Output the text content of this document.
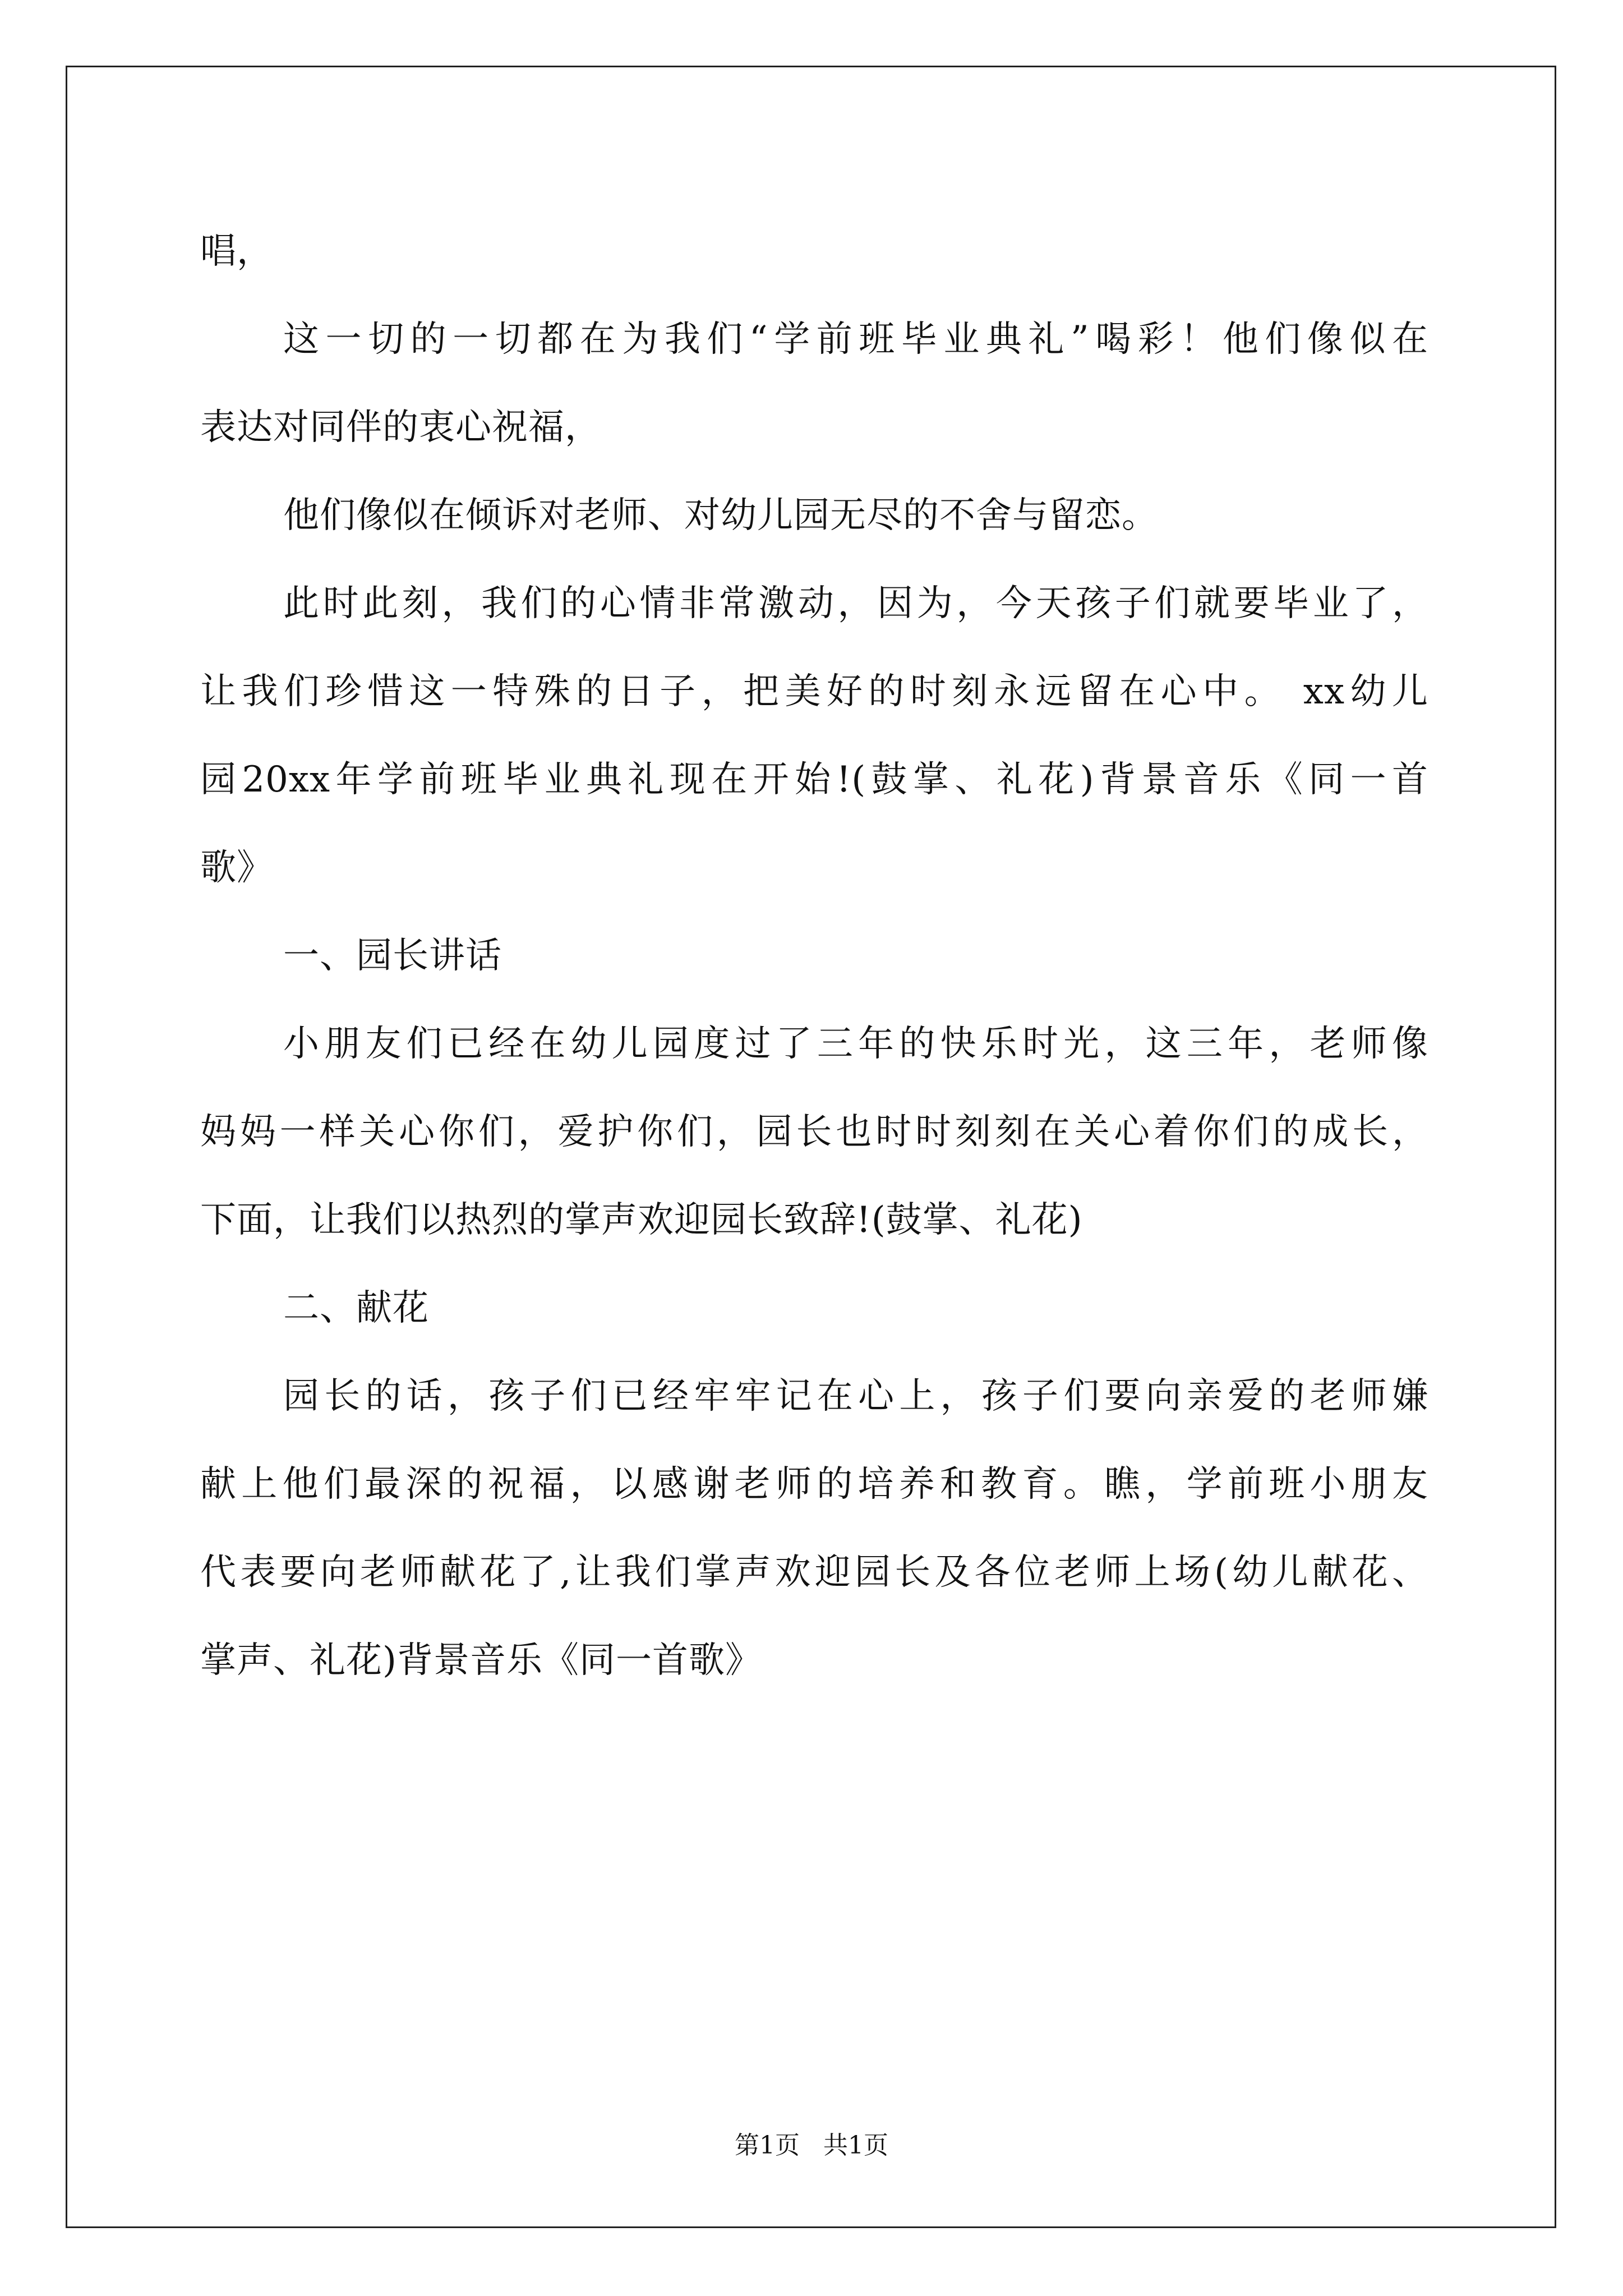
唱，
这一切的一切都在为我们“学前班毕业典礼”喝彩！他们像似在
表达对同伴的衷心祝福，
他们像似在倾诉对老师、对幼儿园无尽的不舍与留恋。
此时此刻，我们的心情非常激动，因为，今天孩子们就要毕业了，
让我们珍惜这一特殊的日子，把美好的时刻永远留在心中。 xx幼儿
园20xx年学前班毕业典礼现在开始!(鼓掌、礼花)背景音乐《同一首
歌》
一、园长讲话
小朋友们已经在幼儿园度过了三年的快乐时光，这三年，老师像
妈妈一样关心你们，爱护你们，园长也时时刻刻在关心着你们的成长，
下面，让我们以热烈的掌声欢迎园长致辞!(鼓掌、礼花)
二、献花
园长的话，孩子们已经牢牢记在心上，孩子们要向亲爱的老师嫌
献上他们最深的祝福，以感谢老师的培养和教育。瞧，学前班小朋友
代表要向老师献花了,让我们掌声欢迎园长及各位老师上场(幼儿献花、
掌声、礼花)背景音乐《同一首歌》
第1页   共1页
